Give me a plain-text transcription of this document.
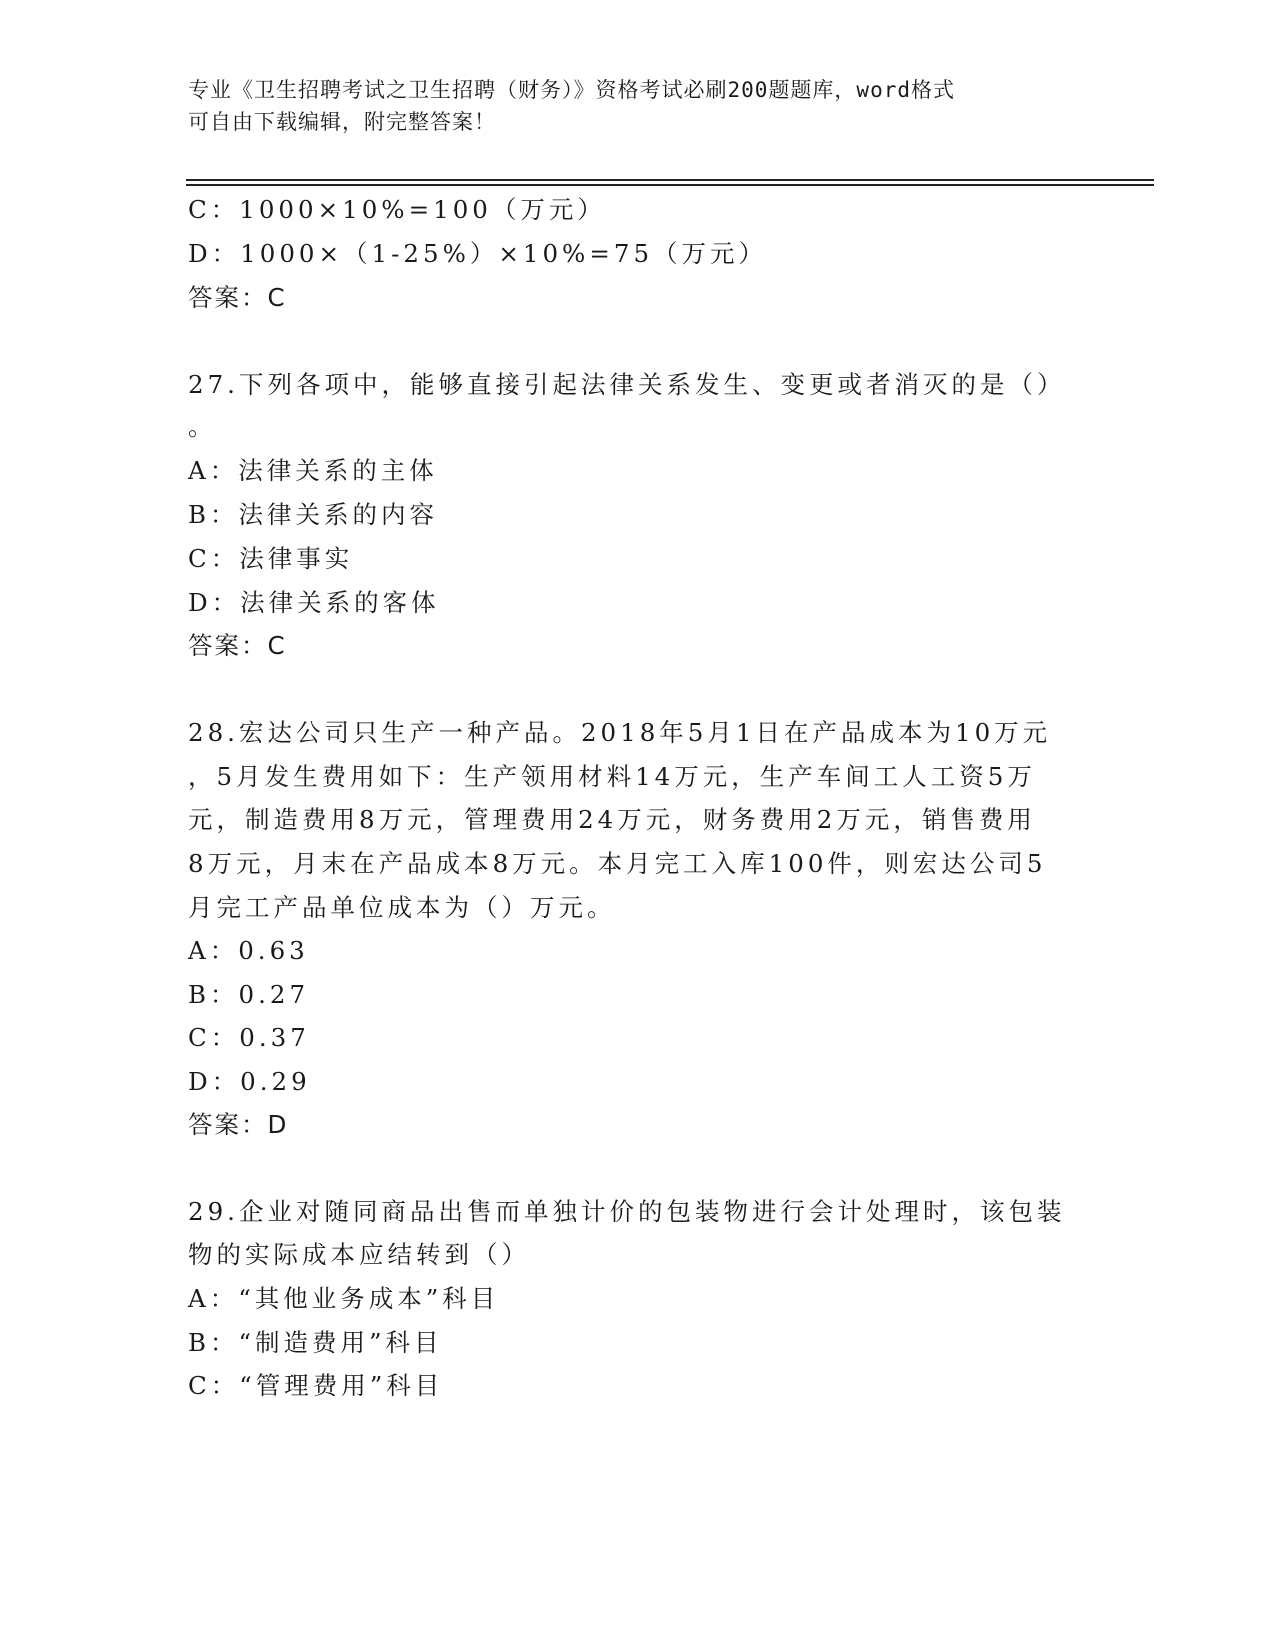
专业《卫生招聘考试之卫生招聘（财务）》资格考试必刷200题题库，word格式
可自由下载编辑，附完整答案！
C：1000×10%=100（万元）
D：1000×（1-25%）×10%=75（万元）
答案：C
27.下列各项中，能够直接引起法律关系发生、变更或者消灭的是（）
。
A：法律关系的主体
B：法律关系的内容
C：法律事实
D：法律关系的客体
答案：C
28.宏达公司只生产一种产品。2018年5月1日在产品成本为10万元
，5月发生费用如下：生产领用材料14万元，生产车间工人工资5万
元，制造费用8万元，管理费用24万元，财务费用2万元，销售费用
8万元，月末在产品成本8万元。本月完工入库100件，则宏达公司5
月完工产品单位成本为（）万元。
A：0.63
B：0.27
C：0.37
D：0.29
答案：D
29.企业对随同商品出售而单独计价的包装物进行会计处理时，该包装
物的实际成本应结转到（）
A：“其他业务成本”科目
B：“制造费用”科目
C：“管理费用”科目
